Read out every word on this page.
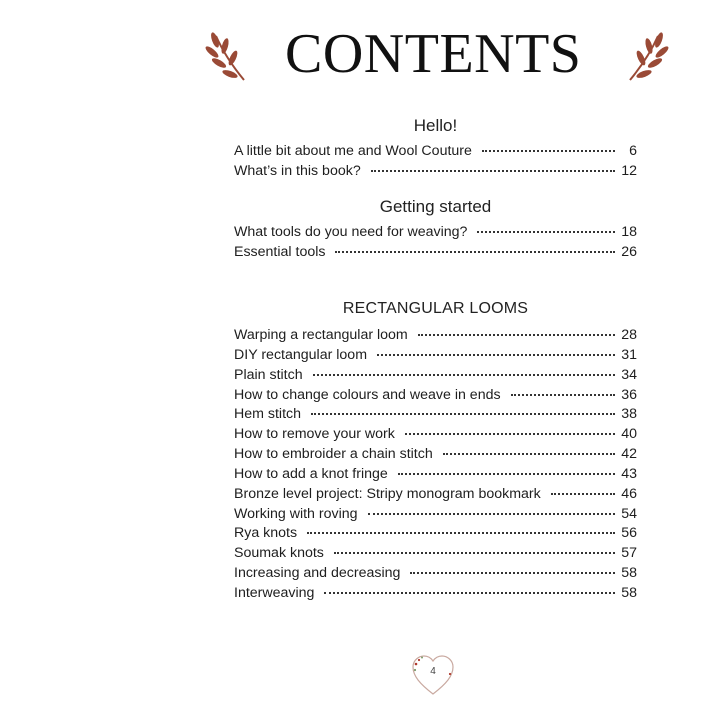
CONTENTS
Hello!
A little bit about me and Wool Couture	6
What’s in this book?	12
Getting started
What tools do you need for weaving?	18
Essential tools	26
RECTANGULAR LOOMS
Warping a rectangular loom	28
DIY rectangular loom	31
Plain stitch	34
How to change colours and weave in ends	36
Hem stitch	38
How to remove your work	40
How to embroider a chain stitch	42
How to add a knot fringe	43
Bronze level project: Stripy monogram bookmark	46
Working with roving	54
Rya knots	56
Soumak knots	57
Increasing and decreasing	58
Interweaving	58
4
